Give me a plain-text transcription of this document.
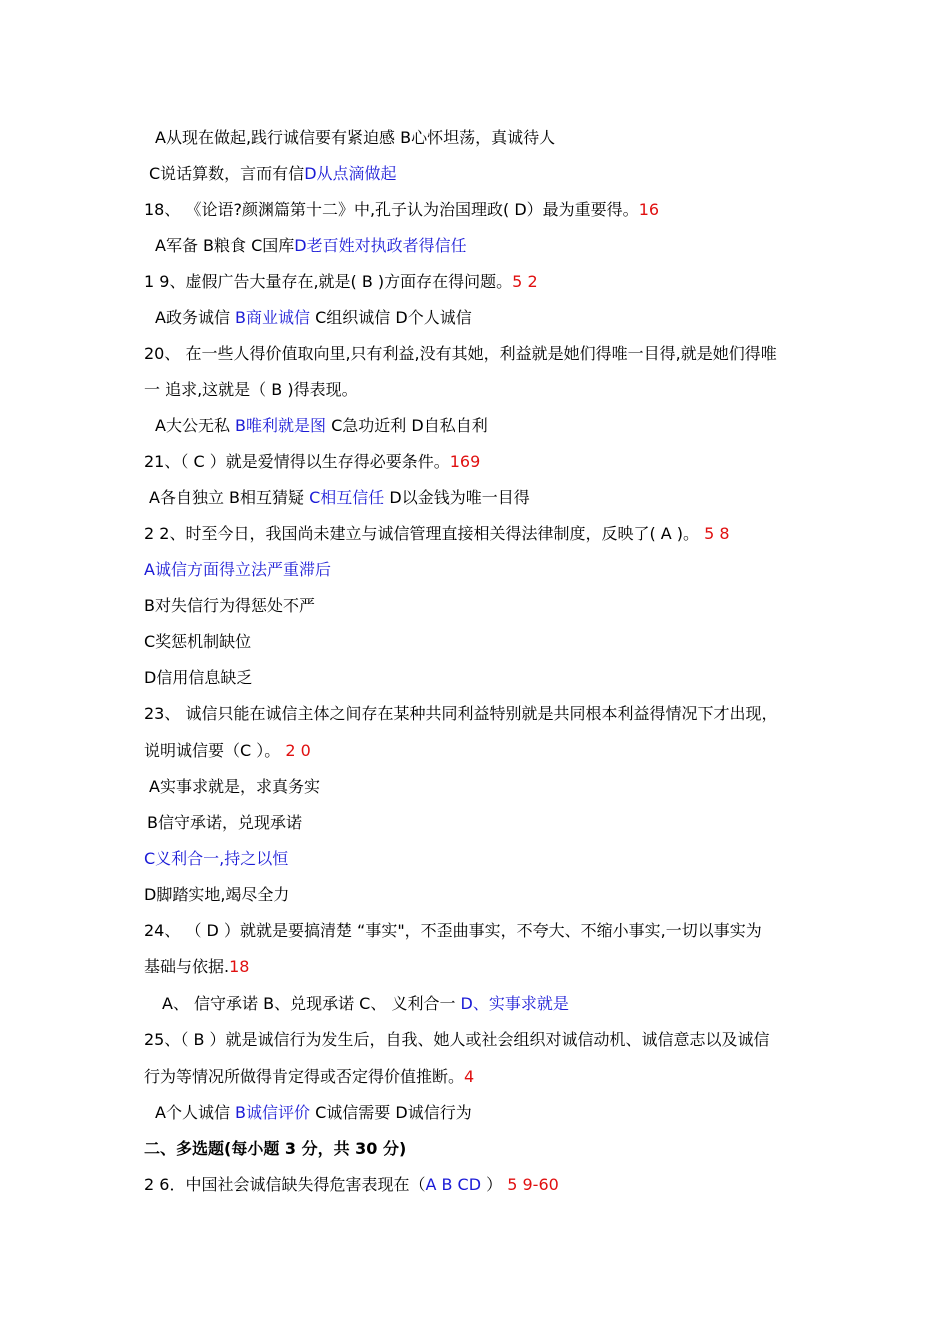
A从现在做起,践行诚信要有紧迫感 B心怀坦荡，真诚待人
C说话算数，言而有信D从点滴做起
18、 《论语?颜渊篇第十二》中,孔子认为治国理政( D）最为重要得。16
A军备 B粮食 C国库D老百姓对执政者得信任
1 9、虚假广告大量存在,就是( B )方面存在得问题。5 2
A政务诚信 B商业诚信 C组织诚信 D个人诚信
20、 在一些人得价值取向里,只有利益,没有其她，利益就是她们得唯一目得,就是她们得唯
一 追求,这就是（ B )得表现。
A大公无私 B唯利就是图 C急功近利 D自私自利
21、（ C ）就是爱情得以生存得必要条件。169
A各自独立 B相互猜疑 C相互信任 D以金钱为唯一目得
2 2、时至今日，我国尚未建立与诚信管理直接相关得法律制度，反映了( A )。 5 8
A诚信方面得立法严重滞后
B对失信行为得惩处不严
C奖惩机制缺位
D信用信息缺乏
23、 诚信只能在诚信主体之间存在某种共同利益特别就是共同根本利益得情况下才出现，
说明诚信要（C ）。 2 0
A实事求就是，求真务实
B信守承诺，兑现承诺
C义利合一,持之以恒
D脚踏实地,竭尽全力
24、 （ D ）就就是要搞清楚 “事实"，不歪曲事实，不夸大、不缩小事实,一切以事实为
基础与依据.18
A、 信守承诺 B、兑现承诺 C、 义利合一 D、实事求就是
25、（ B ）就是诚信行为发生后，自我、她人或社会组织对诚信动机、诚信意志以及诚信
行为等情况所做得肯定得或否定得价值推断。4
A个人诚信 B诚信评价 C诚信需要 D诚信行为
二、多选题(每小题 3 分，共 30 分)
2 6．中国社会诚信缺失得危害表现在（A B CD ） 5 9-60
